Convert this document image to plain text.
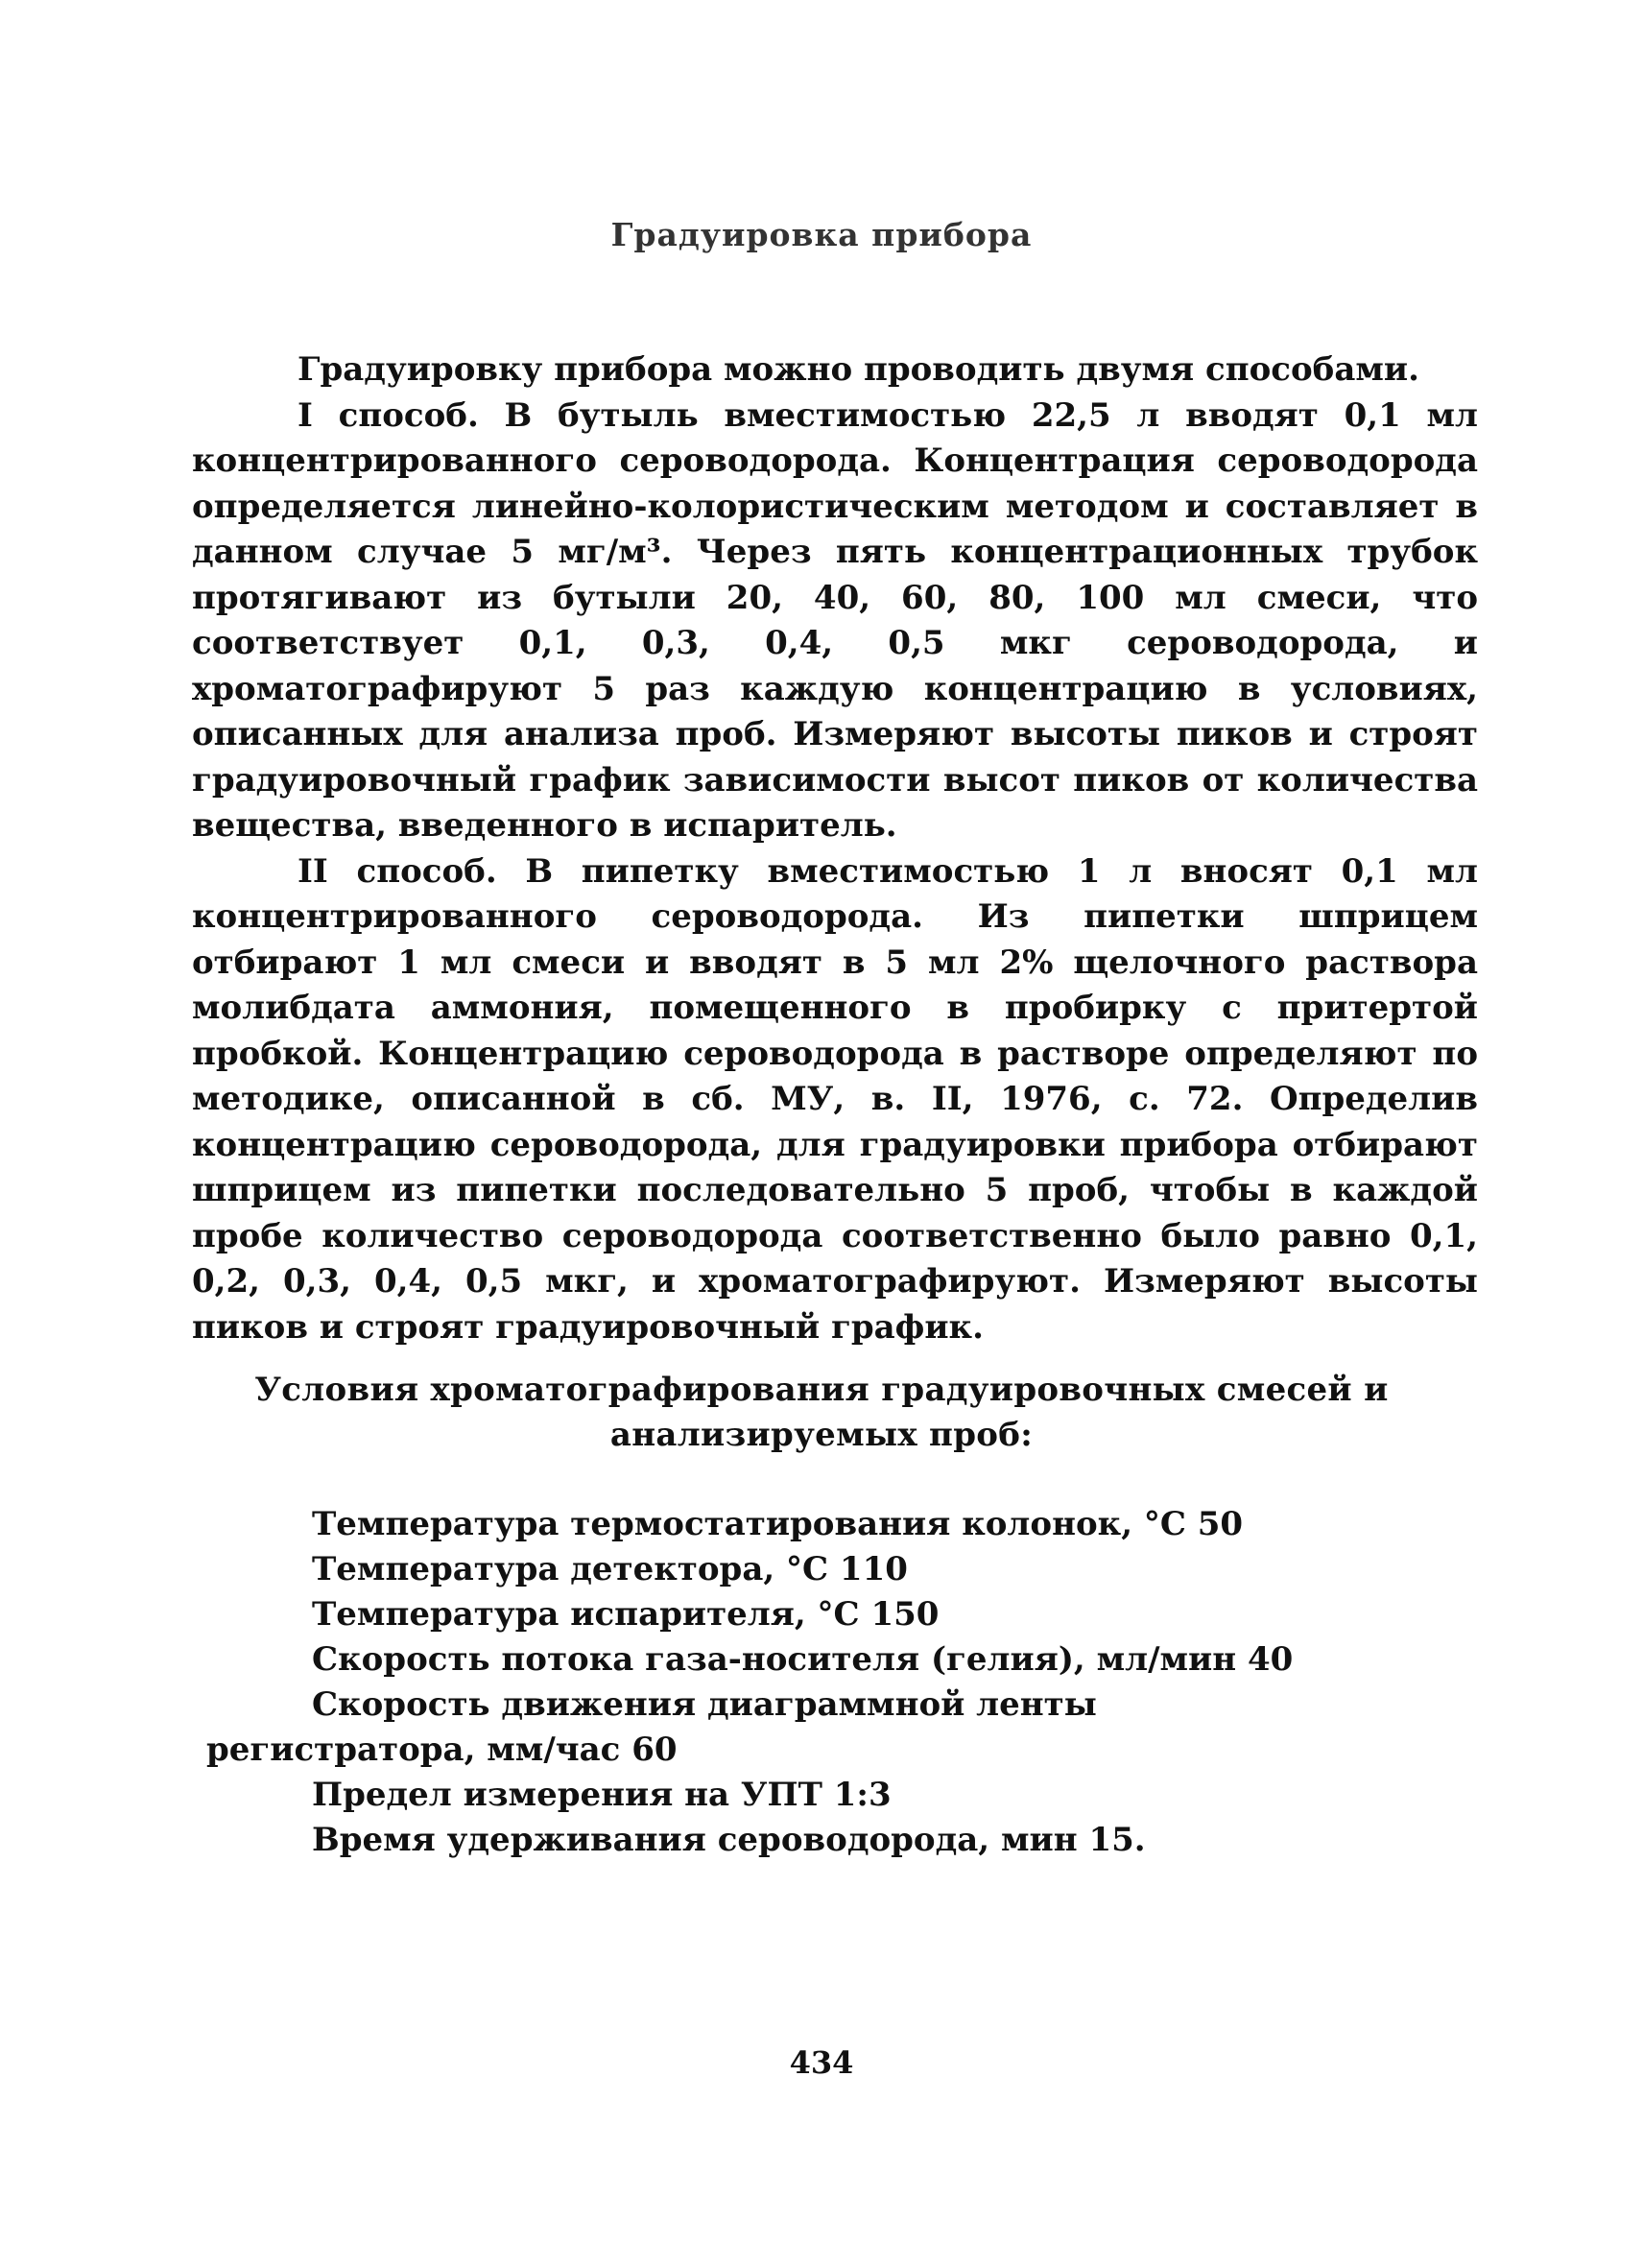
Градуировка прибора

Градуировку прибора можно проводить двумя способами.

I способ. В бутыль вместимостью 22,5 л вводят 0,1 мл концентрированного сероводорода. Концентрация сероводорода определяется линейно-колористическим методом и составляет в данном случае 5 мг/м³. Через пять концентрационных трубок протягивают из бутыли 20, 40, 60, 80, 100 мл смеси, что соответствует 0,1, 0,3, 0,4, 0,5 мкг сероводорода, и хроматографируют 5 раз каждую концентрацию в условиях, описанных для анализа проб. Измеряют высоты пиков и строят градуировочный график зависимости высот пиков от количества вещества, введенного в испаритель.

II способ. В пипетку вместимостью 1 л вносят 0,1 мл концентрированного сероводорода. Из пипетки шприцем отбирают 1 мл смеси и вводят в 5 мл 2% щелочного раствора молибдата аммония, помещенного в пробирку с притертой пробкой. Концентрацию сероводорода в растворе определяют по методике, описанной в сб. МУ, в. II, 1976, с. 72. Определив концентрацию сероводорода, для градуировки прибора отбирают шприцем из пипетки последовательно 5 проб, чтобы в каждой пробе количество сероводорода соответственно было равно 0,1, 0,2, 0,3, 0,4, 0,5 мкг, и хроматографируют. Измеряют высоты пиков и строят градуировочный график.

Условия хроматографирования градуировочных смесей и
анализируемых проб:
Температура термостатирования колонок, °С 50
Температура детектора, °С 110
Температура испарителя, °С 150
Скорость потока газа-носителя (гелия), мл/мин 40
Скорость движения диаграммной ленты
регистратора, мм/час 60
Предел измерения на УПТ 1:3
Время удерживания сероводорода, мин 15.
434
